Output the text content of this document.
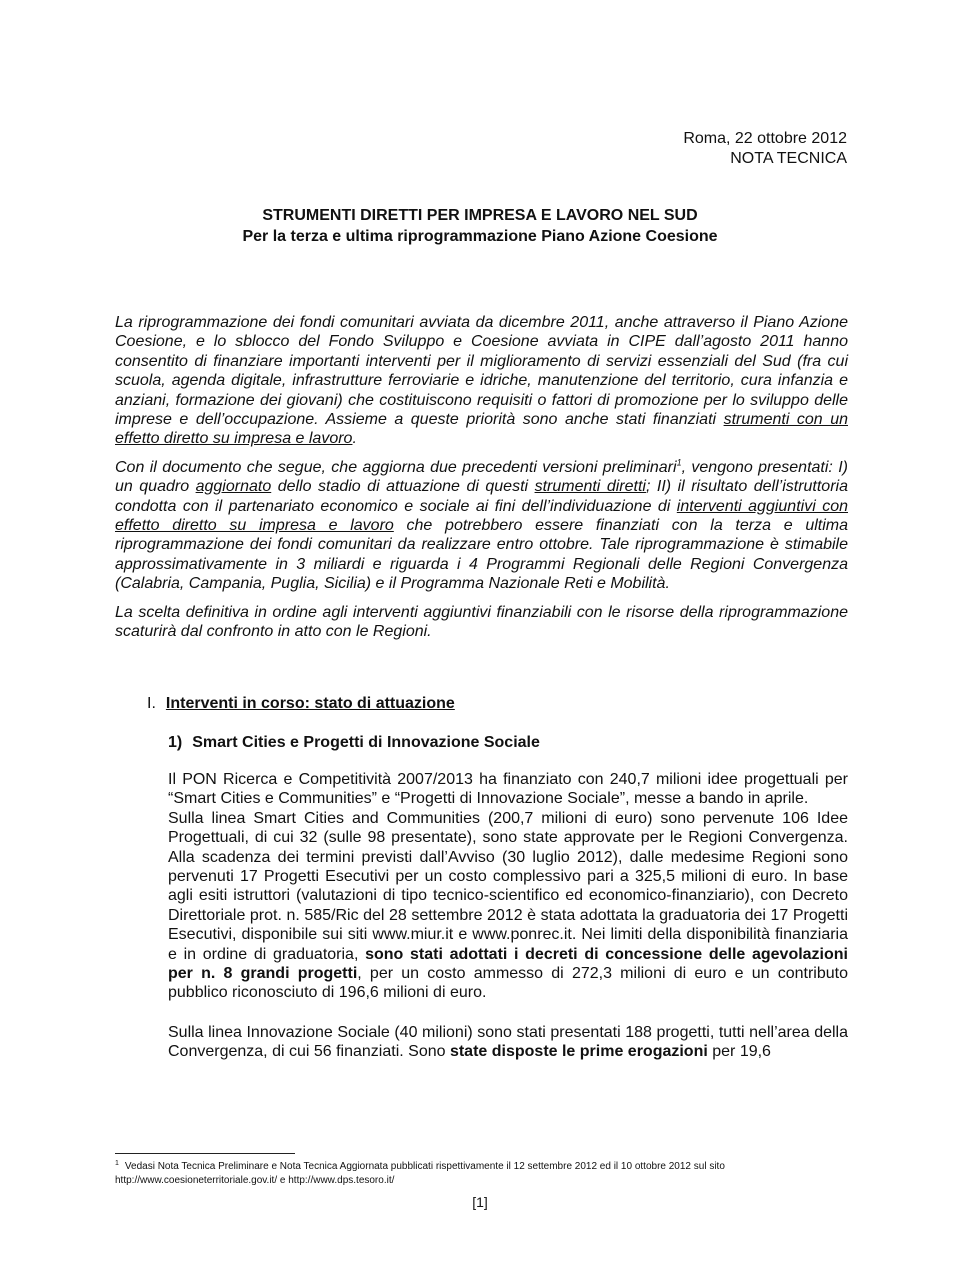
Roma, 22 ottobre 2012
NOTA TECNICA
STRUMENTI DIRETTI PER IMPRESA E LAVORO NEL SUD
Per la terza e ultima riprogrammazione Piano Azione Coesione

La riprogrammazione dei fondi comunitari avviata da dicembre 2011, anche attraverso il Piano Azione Coesione, e lo sblocco del Fondo Sviluppo e Coesione avviata in CIPE dall’agosto 2011 hanno consentito di finanziare importanti interventi per il miglioramento di servizi essenziali del Sud (fra cui scuola, agenda digitale, infrastrutture ferroviarie e idriche, manutenzione del territorio, cura infanzia e anziani, formazione dei giovani) che costituiscono requisiti o fattori di promozione per lo sviluppo delle imprese e dell’occupazione. Assieme a queste priorità sono anche stati finanziati strumenti con un effetto diretto su impresa e lavoro.

Con il documento che segue, che aggiorna due precedenti versioni preliminari$^1$, vengono presentati: I) un quadro aggiornato dello stadio di attuazione di questi strumenti diretti; II) il risultato dell’istruttoria condotta con il partenariato economico e sociale ai fini dell’individuazione di interventi aggiuntivi con effetto diretto su impresa e lavoro che potrebbero essere finanziati con la terza e ultima riprogrammazione dei fondi comunitari da realizzare entro ottobre. Tale riprogrammazione è stimabile approssimativamente in 3 miliardi e riguarda i 4 Programmi Regionali delle Regioni Convergenza (Calabria, Campania, Puglia, Sicilia) e il Programma Nazionale Reti e Mobilità.

La scelta definitiva in ordine agli interventi aggiuntivi finanziabili con le risorse della riprogrammazione scaturirà dal confronto in atto con le Regioni.

I. Interventi in corso: stato di attuazione
1) Smart Cities e Progetti di Innovazione Sociale

Il PON Ricerca e Competitività 2007/2013 ha finanziato con 240,7 milioni idee progettuali per “Smart Cities e Communities” e “Progetti di Innovazione Sociale”, messe a bando in aprile.

Sulla linea Smart Cities and Communities (200,7 milioni di euro) sono pervenute 106 Idee Progettuali, di cui 32 (sulle 98 presentate), sono state approvate per le Regioni Convergenza. Alla scadenza dei termini previsti dall’Avviso (30 luglio 2012), dalle medesime Regioni sono pervenuti 17 Progetti Esecutivi per un costo complessivo pari a 325,5 milioni di euro. In base agli esiti istruttori (valutazioni di tipo tecnico-scientifico ed economico-finanziario), con Decreto Direttoriale prot. n. 585/Ric del 28 settembre 2012 è stata adottata la graduatoria dei 17 Progetti Esecutivi, disponibile sui siti www.miur.it e www.ponrec.it. Nei limiti della disponibilità finanziaria e in ordine di graduatoria, sono stati adottati i decreti di concessione delle agevolazioni per n. 8 grandi progetti, per un costo ammesso di 272,3 milioni di euro e un contributo pubblico riconosciuto di 196,6 milioni di euro.

Sulla linea Innovazione Sociale (40 milioni) sono stati presentati 188 progetti, tutti nell’area della Convergenza, di cui 56 finanziati. Sono state disposte le prime erogazioni per 19,6

$^1$ Vedasi Nota Tecnica Preliminare e Nota Tecnica Aggiornata pubblicati rispettivamente il 12 settembre 2012 ed il 10 ottobre 2012 sul sito http://www.coesioneterritoriale.gov.it/ e http://www.dps.tesoro.it/
[1]
